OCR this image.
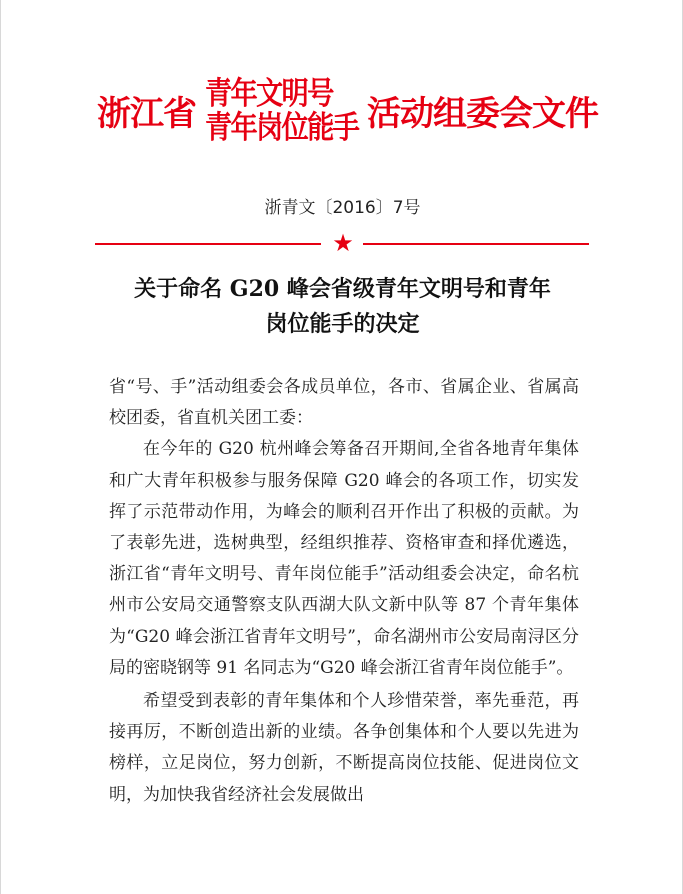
浙江省 青年文明号
青年岗位能手 活动组委会文件
浙青文〔2016〕7号
★
关于命名 G20 峰会省级青年文明号和青年
岗位能手的决定

省“号、手”活动组委会各成员单位，各市、省属企业、省属高校团委，省直机关团工委：

在今年的 G20 杭州峰会筹备召开期间,全省各地青年集体和广大青年积极参与服务保障 G20 峰会的各项工作，切实发挥了示范带动作用，为峰会的顺利召开作出了积极的贡献。为了表彰先进，选树典型，经组织推荐、资格审查和择优遴选，浙江省“青年文明号、青年岗位能手”活动组委会决定，命名杭州市公安局交通警察支队西湖大队文新中队等 87 个青年集体为“G20 峰会浙江省青年文明号”，命名湖州市公安局南浔区分局的密晓钢等 91 名同志为“G20 峰会浙江省青年岗位能手”。

希望受到表彰的青年集体和个人珍惜荣誉，率先垂范，再接再厉，不断创造出新的业绩。各争创集体和个人要以先进为榜样，立足岗位，努力创新，不断提高岗位技能、促进岗位文明，为加快我省经济社会发展做出
